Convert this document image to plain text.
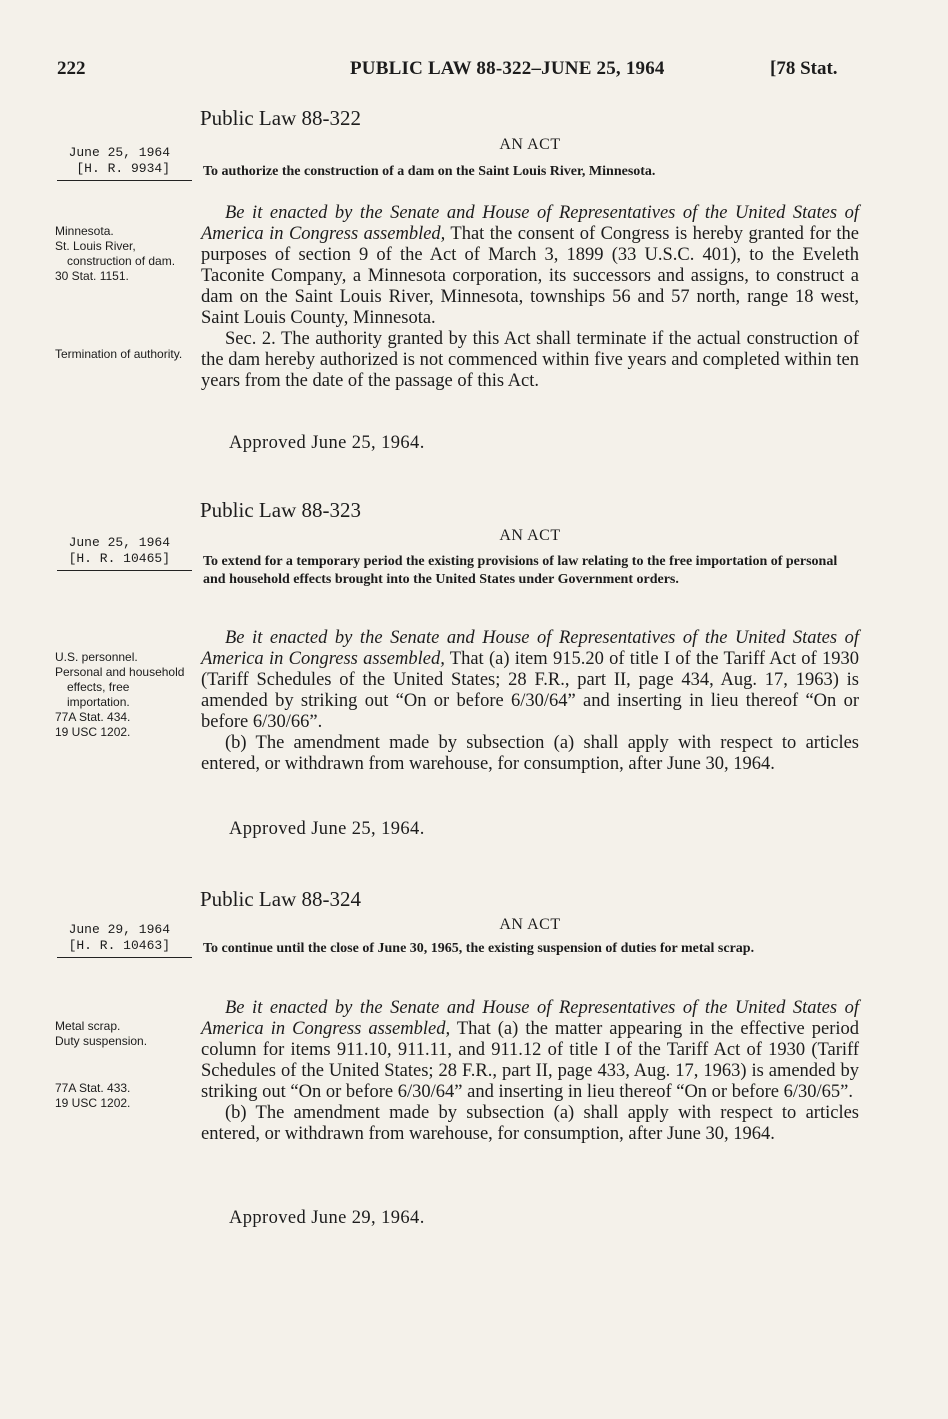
222	PUBLIC LAW 88-322–JUNE 25, 1964	[78 Stat.
Public Law 88-322
AN ACT
June 25, 1964
[H. R. 9934]	To authorize the construction of a dam on the Saint Louis River, Minnesota.
Minnesota.
St. Louis River, construction of dam.
30 Stat. 1151.
Termination of authority.

Be it enacted by the Senate and House of Representatives of the United States of America in Congress assembled, That the consent of Congress is hereby granted for the purposes of section 9 of the Act of March 3, 1899 (33 U.S.C. 401), to the Eveleth Taconite Company, a Minnesota corporation, its successors and assigns, to construct a dam on the Saint Louis River, Minnesota, townships 56 and 57 north, range 18 west, Saint Louis County, Minnesota.

Sec. 2. The authority granted by this Act shall terminate if the actual construction of the dam hereby authorized is not commenced within five years and completed within ten years from the date of the passage of this Act.

Approved June 25, 1964.
Public Law 88-323
AN ACT
June 25, 1964
[H. R. 10465]	To extend for a temporary period the existing provisions of law relating to the free importation of personal and household effects brought into the United States under Government orders.
U.S. personnel.
Personal and household effects, free importation.
77A Stat. 434.
19 USC 1202.

Be it enacted by the Senate and House of Representatives of the United States of America in Congress assembled, That (a) item 915.20 of title I of the Tariff Act of 1930 (Tariff Schedules of the United States; 28 F.R., part II, page 434, Aug. 17, 1963) is amended by striking out “On or before 6/30/64” and inserting in lieu thereof “On or before 6/30/66”.

(b) The amendment made by subsection (a) shall apply with respect to articles entered, or withdrawn from warehouse, for consumption, after June 30, 1964.

Approved June 25, 1964.
Public Law 88-324
AN ACT
June 29, 1964
[H. R. 10463]	To continue until the close of June 30, 1965, the existing suspension of duties for metal scrap.
Metal scrap.
Duty suspension.
77A Stat. 433.
19 USC 1202.

Be it enacted by the Senate and House of Representatives of the United States of America in Congress assembled, That (a) the matter appearing in the effective period column for items 911.10, 911.11, and 911.12 of title I of the Tariff Act of 1930 (Tariff Schedules of the United States; 28 F.R., part II, page 433, Aug. 17, 1963) is amended by striking out “On or before 6/30/64” and inserting in lieu thereof “On or before 6/30/65”.

(b) The amendment made by subsection (a) shall apply with respect to articles entered, or withdrawn from warehouse, for consumption, after June 30, 1964.

Approved June 29, 1964.
